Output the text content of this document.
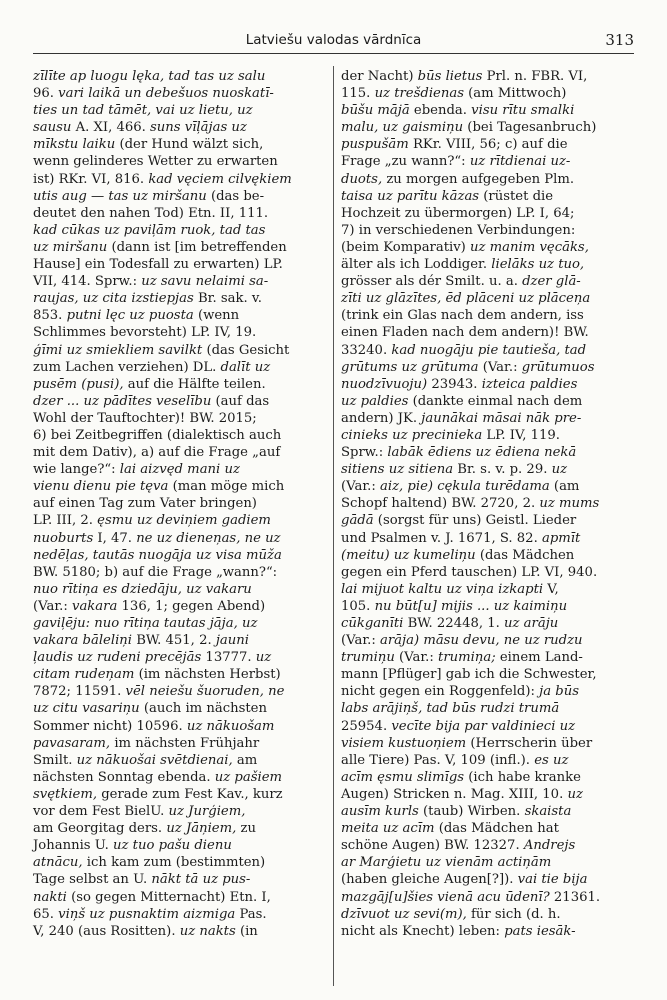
Latviešu valodas vārdnīca	313

zīlīte ap luogu lęka, tad tas uz salu

96. vari laikā un debešuos nuoskatī-

ties un tad tāmēt, vai uz lietu, uz

sausu A. XI, 466. suns vīļājas uz

mīkstu laiku (der Hund wälzt sich,

wenn gelinderes Wetter zu erwarten

ist) RKr. VI, 816. kad vęciem cilvękiem

utis aug — tas uz miršanu (das be-

deutet den nahen Tod) Etn. II, 111.

kad cūkas uz paviļām ruok, tad tas

uz miršanu (dann ist [im betreffenden

Hause] ein Todesfall zu erwarten) LP.

VII, 414. Sprw.: uz savu nelaimi sa-

raujas, uz cita izstiepjas Br. sak. v.

853. putni lęc uz puosta (wenn

Schlimmes bevorsteht) LP. IV, 19.

ģīmi uz smiekliem savilkt (das Gesicht

zum Lachen verziehen) DL. dalīt uz

pusēm (pusi), auf die Hälfte teilen.

dzer ... uz pādītes veselību (auf das

Wohl der Tauftochter)! BW. 2015;

6) bei Zeitbegriffen (dialektisch auch

mit dem Dativ), a) auf die Frage „auf

wie lange?“: lai aizvęd mani uz

vienu dienu pie tęva (man möge mich

auf einen Tag zum Vater bringen)

LP. III, 2. ęsmu uz deviņiem gadiem

nuoburts I, 47. ne uz dieneņas, ne uz

nedēļas, tautās nuogāja uz visa mūža

BW. 5180; b) auf die Frage „wann?“:

nuo rītiņa es dziedāju, uz vakaru

(Var.: vakara 136, 1; gegen Abend)

gaviļēju: nuo rītiņa tautas jāja, uz

vakara bāleliņi BW. 451, 2. jauni

ļaudis uz rudeni precējās 13777. uz

citam rudeņam (im nächsten Herbst)

7872; 11591. vēl neiešu šuoruden, ne

uz citu vasariņu (auch im nächsten

Sommer nicht) 10596. uz nākuošam

pavasaram, im nächsten Frühjahr

Smilt. uz nākuošai svētdienai, am

nächsten Sonntag ebenda. uz pašiem

svętkiem, gerade zum Fest Kav., kurz

vor dem Fest BielU. uz Jurģiem,

am Georgitag ders. uz Jāņiem, zu

Johannis U. uz tuo pašu dienu

atnācu, ich kam zum (bestimmten)

Tage selbst an U. nākt tā uz pus-

nakti (so gegen Mitternacht) Etn. I,

65. viņš uz pusnaktim aizmiga Pas.

V, 240 (aus Rositten). uz nakts (in

der Nacht) būs lietus Prl. n. FBR. VI,

115. uz trešdienas (am Mittwoch)

būšu mājā ebenda. visu rītu smalki

malu, uz gaismiņu (bei Tagesanbruch)

puspušām RKr. VIII, 56; c) auf die

Frage „zu wann?“: uz rītdienai uz-

duots, zu morgen aufgegeben Plm.

taisa uz parītu kāzas (rüstet die

Hochzeit zu übermorgen) LP. I, 64;

7) in verschiedenen Verbindungen:

(beim Komparativ) uz manim vęcāks,

älter als ich Loddiger. lielāks uz tuo,

grösser als dér Smilt. u. a. dzer glā-

zīti uz glāzītes, ēd plāceni uz plāceņa

(trink ein Glas nach dem andern, iss

einen Fladen nach dem andern)! BW.

33240. kad nuogāju pie tautieša, tad

grūtums uz grūtuma (Var.: grūtumuos

nuodzīvuoju) 23943. izteica paldies

uz paldies (dankte einmal nach dem

andern) JK. jaunākai māsai nāk pre-

cinieks uz precinieka LP. IV, 119.

Sprw.: labāk ēdiens uz ēdiena nekā

sitiens uz sitiena Br. s. v. p. 29. uz

(Var.: aiz, pie) cękula turēdama (am

Schopf haltend) BW. 2720, 2. uz mums

gādā (sorgst für uns) Geistl. Lieder

und Psalmen v. J. 1671, S. 82. apmīt

(meitu) uz kumeliņu (das Mädchen

gegen ein Pferd tauschen) LP. VI, 940.

lai mijuot kaltu uz viņa izkapti V,

105. nu būt[u] mijis ... uz kaimiņu

cūkganīti BW. 22448, 1. uz arāju

(Var.: arāja) māsu devu, ne uz rudzu

trumiņu (Var.: trumiņa; einem Land-

mann [Pflüger] gab ich die Schwester,

nicht gegen ein Roggenfeld): ja būs

labs arājiņš, tad būs rudzi trumā

25954. vecīte bija par valdinieci uz

visiem kustuoņiem (Herrscherin über

alle Tiere) Pas. V, 109 (infl.). es uz

acīm ęsmu slimīgs (ich habe kranke

Augen) Stricken n. Mag. XIII, 10. uz

ausīm kurls (taub) Wirben. skaista

meita uz acīm (das Mädchen hat

schöne Augen) BW. 12327. Andrejs

ar Marģietu uz vienām actiņām

(haben gleiche Augen[?]). vai tie bija

mazgāj[u]šies vienā acu ūdenī? 21361.

dzīvuot uz sevi(m), für sich (d. h.

nicht als Knecht) leben: pats iesāk-
